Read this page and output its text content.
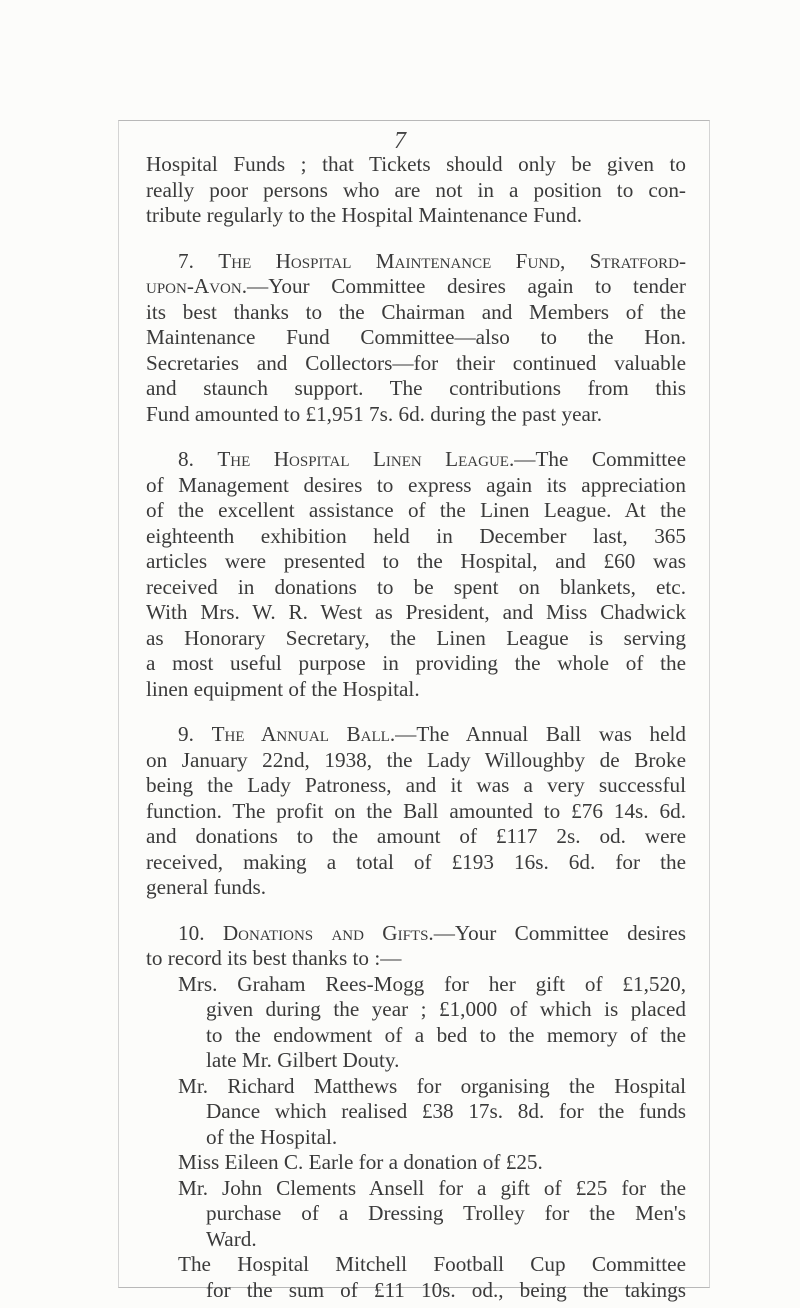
7
Hospital Funds ; that Tickets should only be given to
really poor persons who are not in a position to con-
tribute regularly to the Hospital Maintenance Fund.
7. The Hospital Maintenance Fund, Stratford-
upon-Avon.—Your Committee desires again to tender
its best thanks to the Chairman and Members of the
Maintenance Fund Committee—also to the Hon.
Secretaries and Collectors—for their continued valuable
and staunch support. The contributions from this
Fund amounted to £1,951 7s. 6d. during the past year.
8. The Hospital Linen League.—The Committee
of Management desires to express again its appreciation
of the excellent assistance of the Linen League. At the
eighteenth exhibition held in December last, 365
articles were presented to the Hospital, and £60 was
received in donations to be spent on blankets, etc.
With Mrs. W. R. West as President, and Miss Chadwick
as Honorary Secretary, the Linen League is serving
a most useful purpose in providing the whole of the
linen equipment of the Hospital.
9. The Annual Ball.—The Annual Ball was held
on January 22nd, 1938, the Lady Willoughby de Broke
being the Lady Patroness, and it was a very successful
function. The profit on the Ball amounted to £76 14s. 6d.
and donations to the amount of £117 2s. od. were
received, making a total of £193 16s. 6d. for the
general funds.
10. Donations and Gifts.—Your Committee desires
to record its best thanks to :—
Mrs. Graham Rees-Mogg for her gift of £1,520,
given during the year ; £1,000 of which is placed
to the endowment of a bed to the memory of the
late Mr. Gilbert Douty.
Mr. Richard Matthews for organising the Hospital
Dance which realised £38 17s. 8d. for the funds
of the Hospital.
Miss Eileen C. Earle for a donation of £25.
Mr. John Clements Ansell for a gift of £25 for the
purchase of a Dressing Trolley for the Men's
Ward.
The Hospital Mitchell Football Cup Committee
for the sum of £11 10s. od., being the takings
